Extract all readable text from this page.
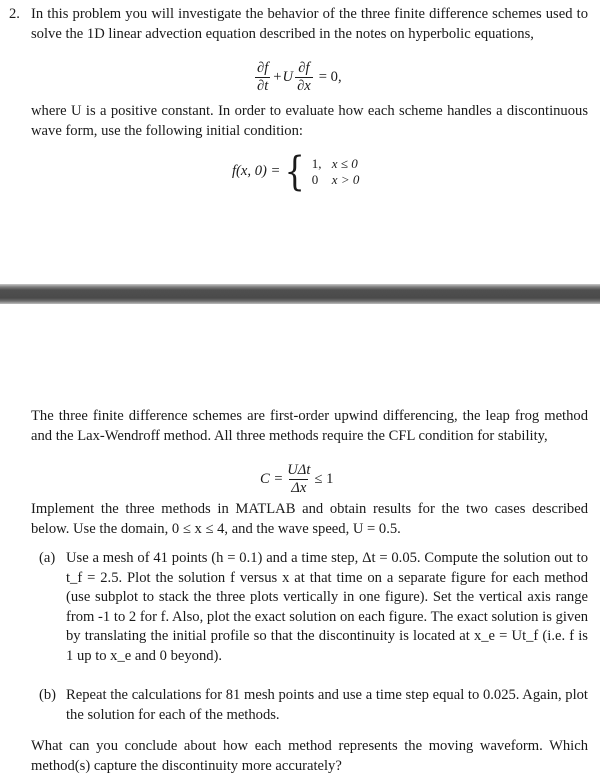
2. In this problem you will investigate the behavior of the three finite difference schemes used to solve the 1D linear advection equation described in the notes on hyperbolic equations,

$\frac{\partial f}{\partial t} + U \frac{\partial f}{\partial x} = 0$,

where U is a positive constant. In order to evaluate how each scheme handles a discontinuous wave form, use the following initial condition:

f(x, 0) = { 1, x ≤ 0
0 x > 0

The three finite difference schemes are first-order upwind differencing, the leap frog method and the Lax-Wendroff method. All three methods require the CFL condition for stability,

$C = \frac{\text{UΔt}}{\Delta x} \le 1$

Implement the three methods in MATLAB and obtain results for the two cases described below. Use the domain, 0 ≤ x ≤ 4, and the wave speed, U = 0.5.

(a) Use a mesh of 41 points (h = 0.1) and a time step, Δt = 0.05. Compute the solution out to t_f = 2.5. Plot the solution f versus x at that time on a separate figure for each method (use subplot to stack the three plots vertically in one figure). Set the vertical axis range from -1 to 2 for f. Also, plot the exact solution on each figure. The exact solution is given by translating the initial profile so that the discontinuity is located at x_e = Ut_f (i.e. f is 1 up to x_e and 0 beyond).

(b) Repeat the calculations for 81 mesh points and use a time step equal to 0.025. Again, plot the solution for each of the methods.

What can you conclude about how each method represents the moving waveform. Which method(s) capture the discontinuity more accurately?
